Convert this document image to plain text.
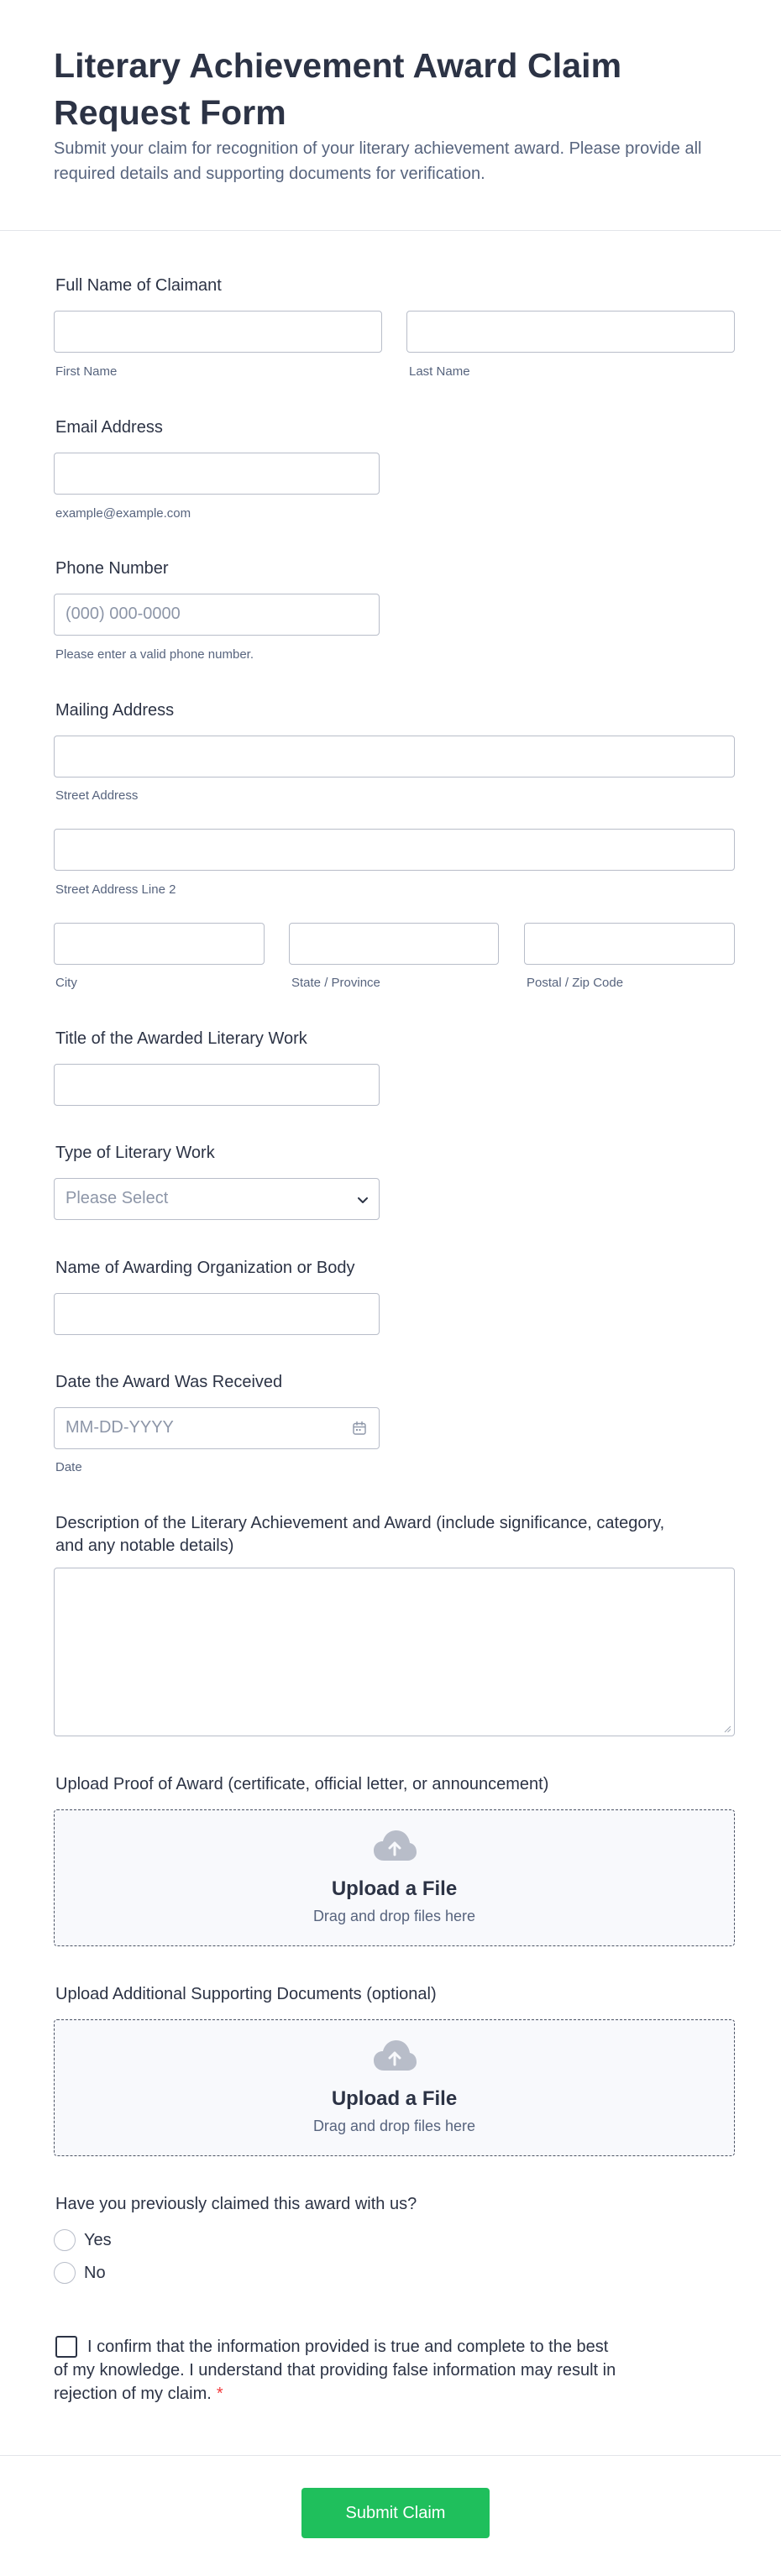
Literary Achievement Award Claim Request Form
Submit your claim for recognition of your literary achievement award. Please provide all required details and supporting documents for verification.
Full Name of Claimant
First Name	Last Name
Email Address
example@example.com
Phone Number
(000) 000-0000
Please enter a valid phone number.
Mailing Address
Street Address
Street Address Line 2
City	State / Province	Postal / Zip Code
Title of the Awarded Literary Work
Type of Literary Work
Please Select
Name of Awarding Organization or Body
Date the Award Was Received
MM-DD-YYYY
Date
Description of the Literary Achievement and Award (include significance, category,
and any notable details)
Upload Proof of Award (certificate, official letter, or announcement)
Upload a File
Drag and drop files here
Upload Additional Supporting Documents (optional)
Upload a File
Drag and drop files here
Have you previously claimed this award with us?
Yes
No
I confirm that the information provided is true and complete to the best
of my knowledge. I understand that providing false information may result in
rejection of my claim. *
Submit Claim
